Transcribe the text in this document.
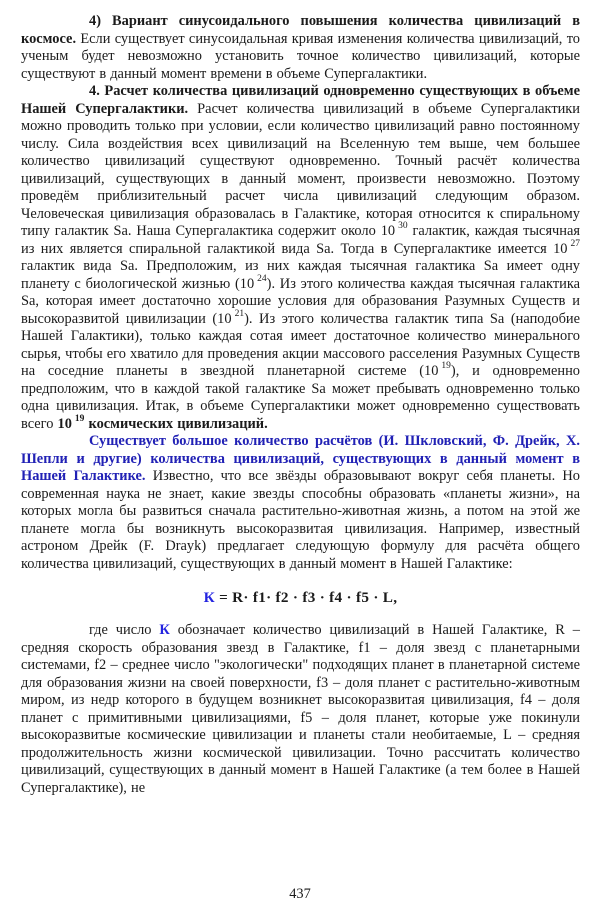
4) Вариант синусоидального повышения количества цивилизаций в космосе. Если существует синусоидальная кривая изменения количества цивилизаций, то ученым будет невозможно установить точное количество цивилизаций, которые существуют в данный момент времени в объеме Супергалактики.

4. Расчет количества цивилизаций одновременно существующих в объеме Нашей Супергалактики. Расчет количества цивилизаций в объеме Супергалактики можно проводить только при условии, если количество цивилизаций равно постоянному числу. Сила воздействия всех цивилизаций на Вселенную тем выше, чем большее количество цивилизаций существуют одновременно. Точный расчёт количества цивилизаций, существующих в данный момент, произвести невозможно. Поэтому проведём приблизительный расчет числа цивилизаций следующим образом. Человеческая цивилизация образовалась в Галактике, которая относится к спиральному типу галактик Sa. Наша Супергалактика содержит около 10 $^{30}$ галактик, каждая тысячная из них является спиральной галактикой вида Sa. Тогда в Супергалактике имеется 10 $^{27}$ галактик вида Sa. Предположим, из них каждая тысячная галактика Sa имеет одну планету с биологической жизнью (10 $^{24}$). Из этого количества каждая тысячная галактика Sa, которая имеет достаточно хорошие условия для образования Разумных Существ и высокоразвитой цивилизации (10 $^{21}$). Из этого количества галактик типа Sa (наподобие Нашей Галактики), только каждая сотая имеет достаточное количество минерального сырья, чтобы его хватило для проведения акции массового расселения Разумных Существ на соседние планеты в звездной планетарной системе (10 $^{19}$), и одновременно предположим, что в каждой такой галактике Sa может пребывать одновременно только одна цивилизация. Итак, в объеме Супергалактики может одновременно существовать всего 10 $^{19}$ космических цивилизаций.

Существует большое количество расчётов (И. Шкловский, Ф. Дрейк, Х. Шепли и другие) количества цивилизаций, существующих в данный момент в Нашей Галактике. Известно, что все звёзды образовывают вокруг себя планеты. Но современная наука не знает, какие звезды способны образовать «планеты жизни», на которых могла бы развиться сначала растительно-животная жизнь, а потом на этой же планете могла бы возникнуть высокоразвитая цивилизация. Например, известный астроном Дрейк (F. Drayk) предлагает следующую формулу для расчёта общего количества цивилизаций, существующих в данный момент в Нашей Галактике:

К = R· f1· f2 · f3 · f4 · f5 · L,

где число К обозначает количество цивилизаций в Нашей Галактике, R – средняя скорость образования звезд в Галактике, f1 – доля звезд с планетарными системами, f2 – среднее число "экологически" подходящих планет в планетарной системе для образования жизни на своей поверхности, f3 – доля планет с растительно-животным миром, из недр которого в будущем возникнет высокоразвитая цивилизация, f4 – доля планет с примитивными цивилизациями, f5 – доля планет, которые уже покинули высокоразвитые космические цивилизации и планеты стали необитаемые, L – средняя продолжительность жизни космической цивилизации. Точно рассчитать количество цивилизаций, существующих в данный момент в Нашей Галактике (а тем более в Нашей Супергалактике), не

437
